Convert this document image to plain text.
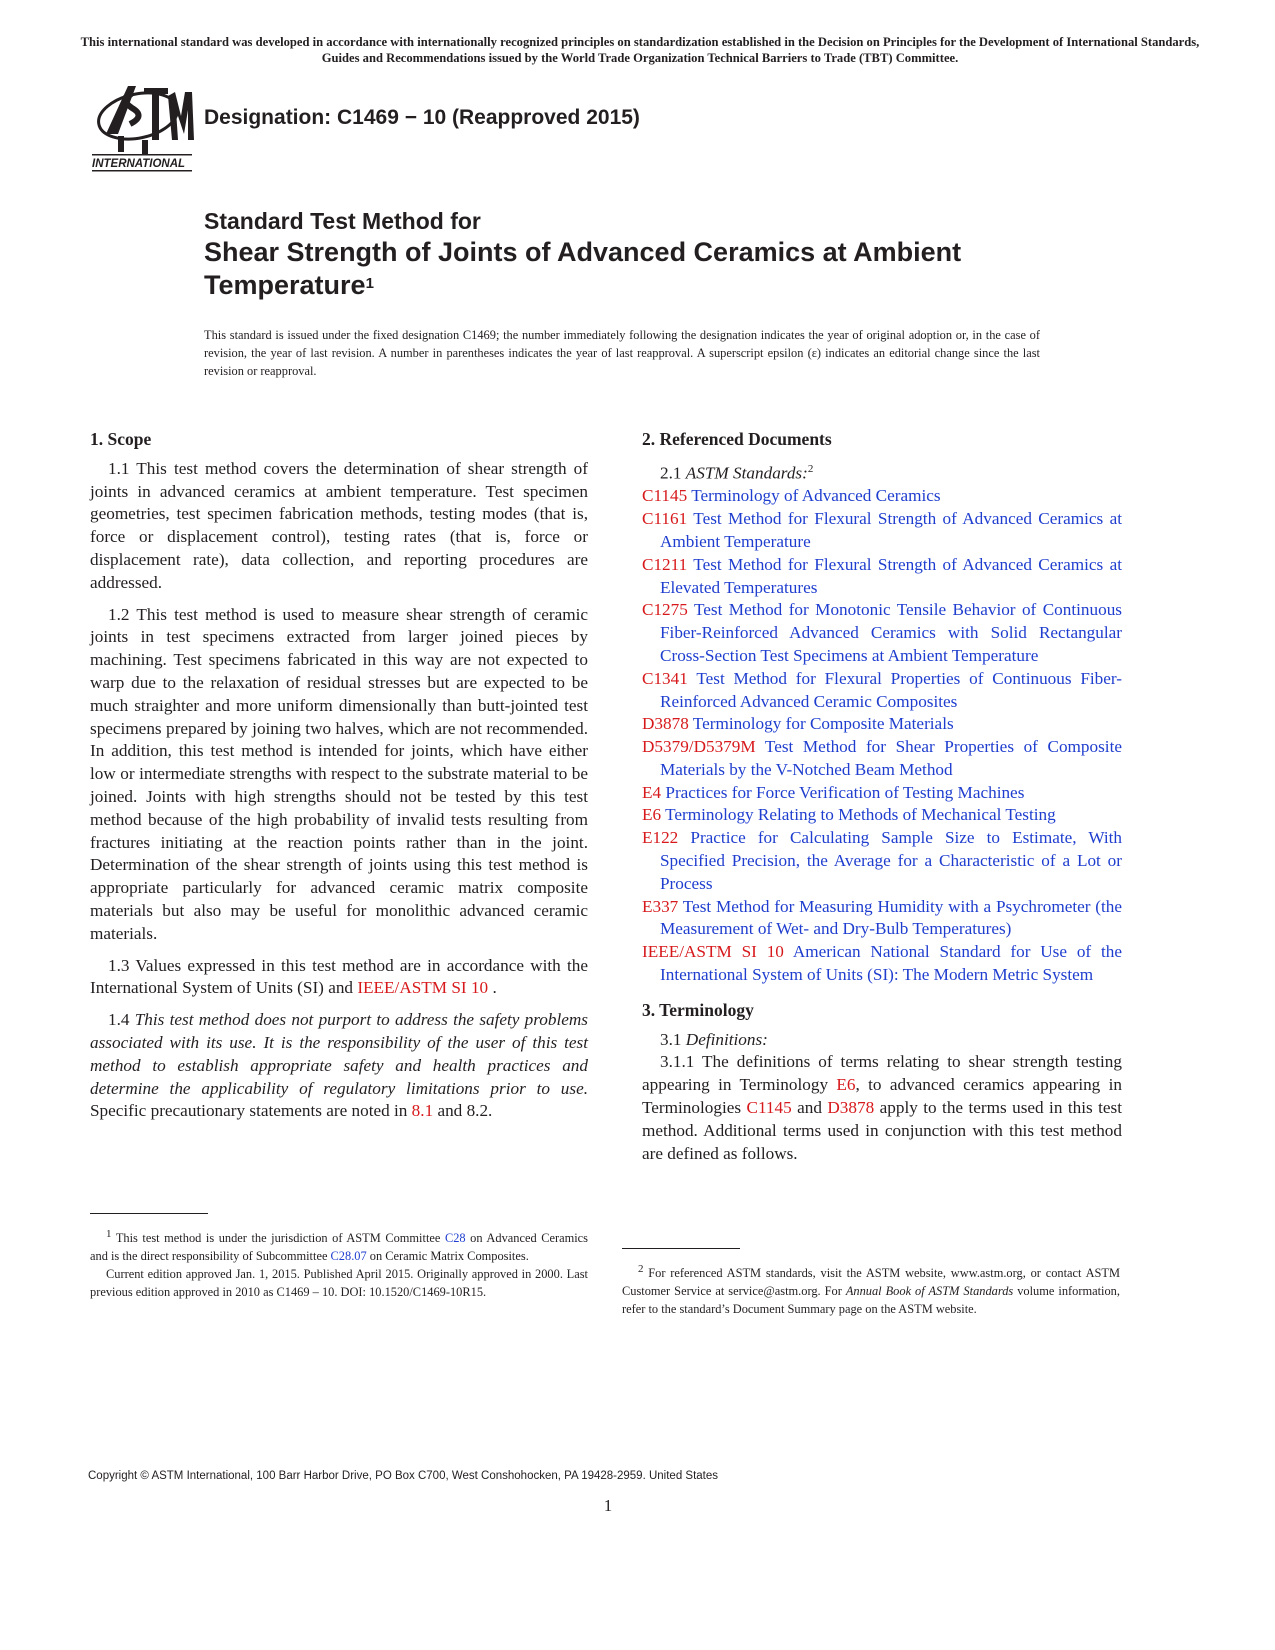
This international standard was developed in accordance with internationally recognized principles on standardization established in the Decision on Principles for the Development of International Standards, Guides and Recommendations issued by the World Trade Organization Technical Barriers to Trade (TBT) Committee.
INTERNATIONAL
Designation: C1469 − 10 (Reapproved 2015)
Standard Test Method for
Shear Strength of Joints of Advanced Ceramics at Ambient Temperature$^1$
This standard is issued under the fixed designation C1469; the number immediately following the designation indicates the year of original adoption or, in the case of revision, the year of last revision. A number in parentheses indicates the year of last reapproval. A superscript epsilon (ε) indicates an editorial change since the last revision or reapproval.
1. Scope

1.1 This test method covers the determination of shear strength of joints in advanced ceramics at ambient temperature. Test specimen geometries, test specimen fabrication methods, testing modes (that is, force or displacement control), testing rates (that is, force or displacement rate), data collection, and reporting procedures are addressed.

1.2 This test method is used to measure shear strength of ceramic joints in test specimens extracted from larger joined pieces by machining. Test specimens fabricated in this way are not expected to warp due to the relaxation of residual stresses but are expected to be much straighter and more uniform dimensionally than butt-jointed test specimens prepared by joining two halves, which are not recommended. In addition, this test method is intended for joints, which have either low or intermediate strengths with respect to the substrate material to be joined. Joints with high strengths should not be tested by this test method because of the high probability of invalid tests resulting from fractures initiating at the reaction points rather than in the joint. Determination of the shear strength of joints using this test method is appropriate particularly for advanced ceramic matrix composite materials but also may be useful for monolithic advanced ceramic materials.

1.3 Values expressed in this test method are in accordance with the International System of Units (SI) and IEEE/ASTM SI 10 .

1.4 This test method does not purport to address the safety problems associated with its use. It is the responsibility of the user of this test method to establish appropriate safety and health practices and determine the applicability of regulatory limitations prior to use. Specific precautionary statements are noted in 8.1 and 8.2.

$^1$ This test method is under the jurisdiction of ASTM Committee C28 on Advanced Ceramics and is the direct responsibility of Subcommittee C28.07 on Ceramic Matrix Composites.

Current edition approved Jan. 1, 2015. Published April 2015. Originally approved in 2000. Last previous edition approved in 2010 as C1469 – 10. DOI: 10.1520/C1469-10R15.

2. Referenced Documents

2.1 ASTM Standards:$^2$

C1145 Terminology of Advanced Ceramics

C1161 Test Method for Flexural Strength of Advanced Ceramics at Ambient Temperature

C1211 Test Method for Flexural Strength of Advanced Ceramics at Elevated Temperatures

C1275 Test Method for Monotonic Tensile Behavior of Continuous Fiber-Reinforced Advanced Ceramics with Solid Rectangular Cross-Section Test Specimens at Ambient Temperature

C1341 Test Method for Flexural Properties of Continuous Fiber-Reinforced Advanced Ceramic Composites

D3878 Terminology for Composite Materials

D5379/D5379M Test Method for Shear Properties of Composite Materials by the V-Notched Beam Method

E4 Practices for Force Verification of Testing Machines

E6 Terminology Relating to Methods of Mechanical Testing

E122 Practice for Calculating Sample Size to Estimate, With Specified Precision, the Average for a Characteristic of a Lot or Process

E337 Test Method for Measuring Humidity with a Psychrometer (the Measurement of Wet- and Dry-Bulb Temperatures)

IEEE/ASTM SI 10 American National Standard for Use of the International System of Units (SI): The Modern Metric System

3. Terminology

3.1 Definitions:

3.1.1 The definitions of terms relating to shear strength testing appearing in Terminology E6, to advanced ceramics appearing in Terminologies C1145 and D3878 apply to the terms used in this test method. Additional terms used in conjunction with this test method are defined as follows.

$^2$ For referenced ASTM standards, visit the ASTM website, www.astm.org, or contact ASTM Customer Service at service@astm.org. For Annual Book of ASTM Standards volume information, refer to the standard’s Document Summary page on the ASTM website.

Copyright © ASTM International, 100 Barr Harbor Drive, PO Box C700, West Conshohocken, PA 19428-2959. United States
1
